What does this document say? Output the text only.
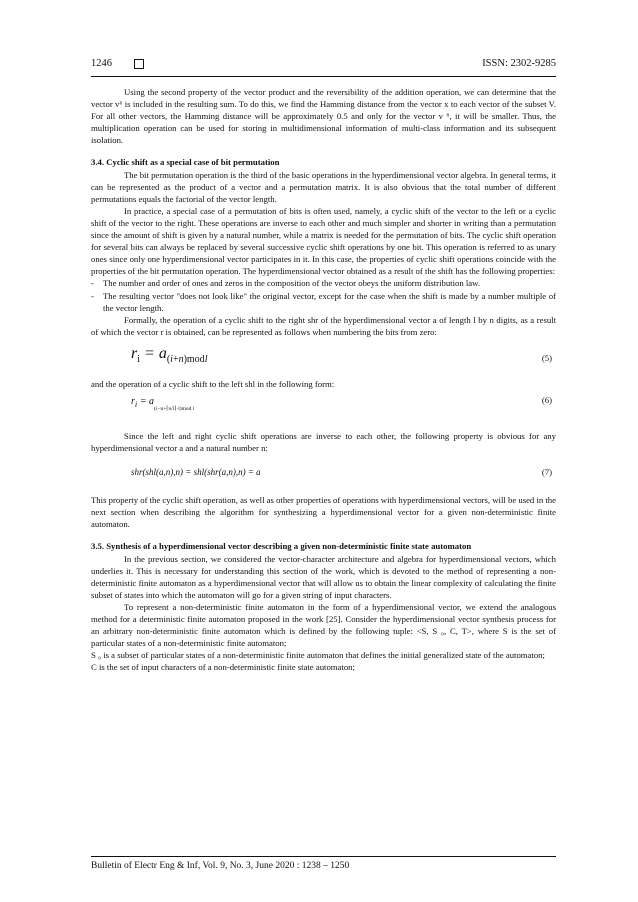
1246	ISSN: 2302-9285

Using the second property of the vector product and the reversibility of the addition operation, we can determine that the vector v⁶ is included in the resulting sum. To do this, we find the Hamming distance from the vector x to each vector of the subset V. For all other vectors, the Hamming distance will be approximately 0.5 and only for the vector v ⁶, it will be smaller. Thus, the multiplication operation can be used for storing in multidimensional information of multi-class information and its subsequent isolation.

3.4. Cyclic shift as a special case of bit permutation

The bit permutation operation is the third of the basic operations in the hyperdimensional vector algebra. In general terms, it can be represented as the product of a vector and a permutation matrix. It is also obvious that the total number of different permutations equals the factorial of the vector length.

In practice, a special case of a permutation of bits is often used, namely, a cyclic shift of the vector to the left or a cyclic shift of the vector to the right. These operations are inverse to each other and much simpler and shorter in writing than a permutation since the amount of shift is given by a natural number, while a matrix is needed for the permutation of bits. The cyclic shift operation for several bits can always be replaced by several successive cyclic shift operations by one bit. This operation is referred to as unary ones since only one hyperdimensional vector participates in it. In this case, the properties of cyclic shift operations coincide with the properties of the bit permutation operation. The hyperdimensional vector obtained as a result of the shift has the following properties:

-	The number and order of ones and zeros in the composition of the vector obeys the uniform distribution law.
-	The resulting vector "does not look like" the original vector, except for the case when the shift is made by a number multiple of the vector length.

Formally, the operation of a cyclic shift to the right shr of the hyperdimensional vector a of length l by n digits, as a result of which the vector r is obtained, can be represented as follows when numbering the bits from zero:

$r_i = a_{(i+n)modl}$	(5)

and the operation of a cyclic shift to the left shl in the following form:

$r_i = a_{(i-n+⌈n/l⌉\cdot l)mod l}$
(6)

Since the left and right cyclic shift operations are inverse to each other, the following property is obvious for any hyperdimensional vector a and a natural number n:

shr(shl(a,n),n) = shl(shr(a,n),n) = a	(7)

This property of the cyclic shift operation, as well as other properties of operations with hyperdimensional vectors, will be used in the next section when describing the algorithm for synthesizing a hyperdimensional vector for a given non-deterministic finite automaton.

3.5. Synthesis of a hyperdimensional vector describing a given non-deterministic finite state automaton

In the previous section, we considered the vector-character architecture and algebra for hyperdimensional vectors, which underlies it. This is necessary for understanding this section of the work, which is devoted to the method of representing a non-deterministic finite automaton as a hyperdimensional vector that will allow us to obtain the linear complexity of calculating the finite subset of states into which the automaton will go for a given string of input characters.

To represent a non-deterministic finite automaton in the form of a hyperdimensional vector, we extend the analogous method for a deterministic finite automaton proposed in the work [25]. Consider the hyperdimensional vector synthesis process for an arbitrary non-deterministic finite automaton which is defined by the following tuple: <S, S ₀, C, T>, where S is the set of particular states of a non-deterministic finite automaton;

S ₀ is a subset of particular states of a non-deterministic finite automaton that defines the initial generalized state of the automaton;

C is the set of input characters of a non-deterministic finite state automaton;

Bulletin of Electr Eng & Inf, Vol. 9, No. 3, June 2020 : 1238 – 1250
